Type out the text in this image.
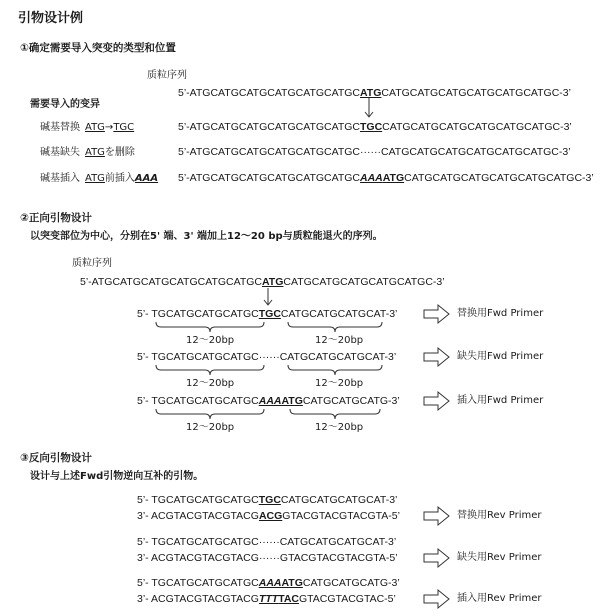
引物设计例
①确定需要导入突变的类型和位置
质粒序列
5’-ATGCATGCATGCATGCATGCATGCATGCATGCATGCATGCATGCATGCATGC-3’
需要导入的变异
碱基替换 ATG→TGC	5’-ATGCATGCATGCATGCATGCATGCTGCCATGCATGCATGCATGCATGCATGC-3’
碱基缺失 ATGを删除	5’-ATGCATGCATGCATGCATGCATGC······CATGCATGCATGCATGCATGCATGC-3’
碱基插入 ATG前插入AAA 5’-ATGCATGCATGCATGCATGCATGCAAAATGCATGCATGCATGCATGCATGCATGC-3’
②正向引物设计
以突变部位为中心，分别在5' 端、3' 端加上12～20 bp与质粒能退火的序列。
质粒序列
5’-ATGCATGCATGCATGCATGCATGCATGCATGCATGCATGCATGCATGC-3’
5’- TGCATGCATGCATGCTGCCATGCATGCATGCAT-3’	替换用Fwd Primer
12～20bp	12～20bp
5’- TGCATGCATGCATGC······CATGCATGCATGCAT-3’	缺失用Fwd Primer
12～20bp	12～20bp
5’- TGCATGCATGCATGCAAAATGCATGCATGCATG-3’	插入用Fwd Primer
12～20bp	12～20bp
③反向引物设计
设计与上述Fwd引物逆向互补的引物。
5’- TGCATGCATGCATGCTGCCATGCATGCATGCAT-3’
3’- ACGTACGTACGTACGACGGTACGTACGTACGTA-5’	替换用Rev Primer
5’- TGCATGCATGCATGC······CATGCATGCATGCAT-3’
3’- ACGTACGTACGTACG······GTACGTACGTACGTA-5’	缺失用Rev Primer
5’- TGCATGCATGCATGCAAAATGCATGCATGCATG-3’
3’- ACGTACGTACGTACGTTTTACGTACGTACGTAC-5’	插入用Rev Primer
